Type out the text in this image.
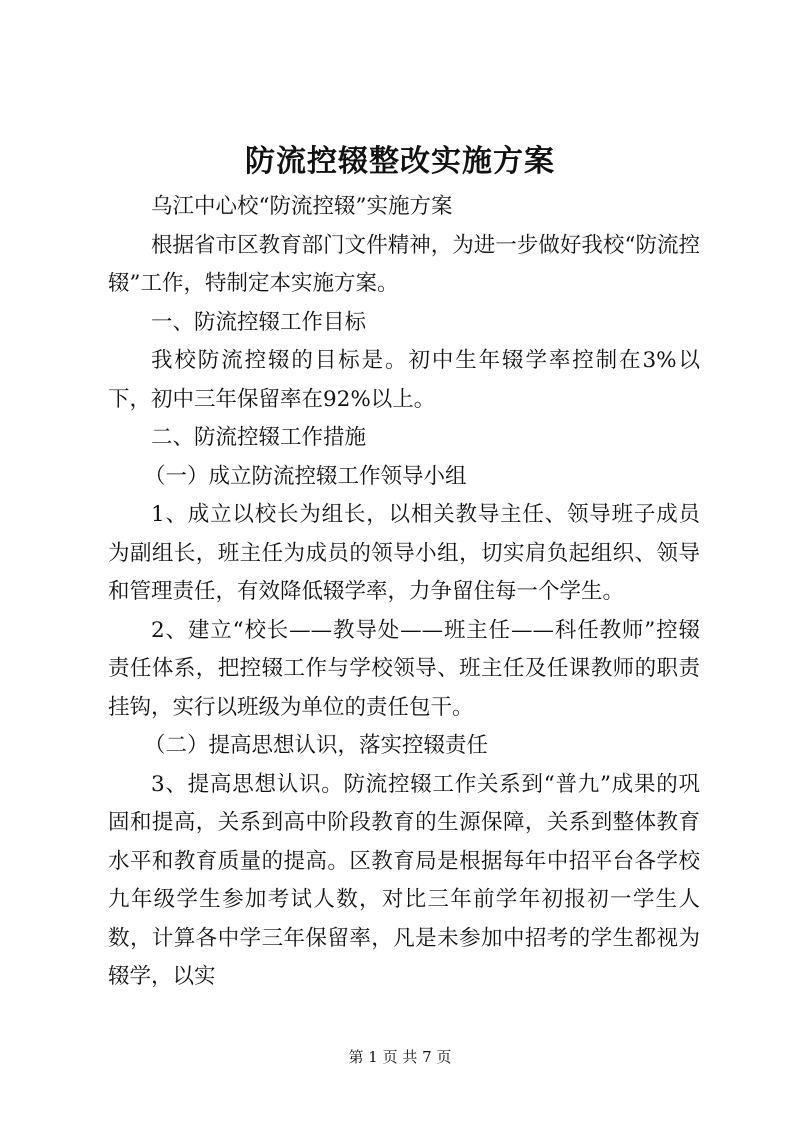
防流控辍整改实施方案

乌江中心校“防流控辍”实施方案

根据省市区教育部门文件精神，为进一步做好我校“防流控辍”工作，特制定本实施方案。

一、防流控辍工作目标

我校防流控辍的目标是。初中生年辍学率控制在3%以下，初中三年保留率在92%以上。

二、防流控辍工作措施

（一）成立防流控辍工作领导小组

1、成立以校长为组长，以相关教导主任、领导班子成员为副组长，班主任为成员的领导小组，切实肩负起组织、领导和管理责任，有效降低辍学率，力争留住每一个学生。

2、建立“校长——教导处——班主任——科任教师”控辍责任体系，把控辍工作与学校领导、班主任及任课教师的职责挂钩，实行以班级为单位的责任包干。

（二）提高思想认识，落实控辍责任

3、提高思想认识。防流控辍工作关系到“普九”成果的巩固和提高，关系到高中阶段教育的生源保障，关系到整体教育水平和教育质量的提高。区教育局是根据每年中招平台各学校九年级学生参加考试人数，对比三年前学年初报初一学生人数，计算各中学三年保留率，凡是未参加中招考的学生都视为辍学，以实

第 1 页 共 7 页
